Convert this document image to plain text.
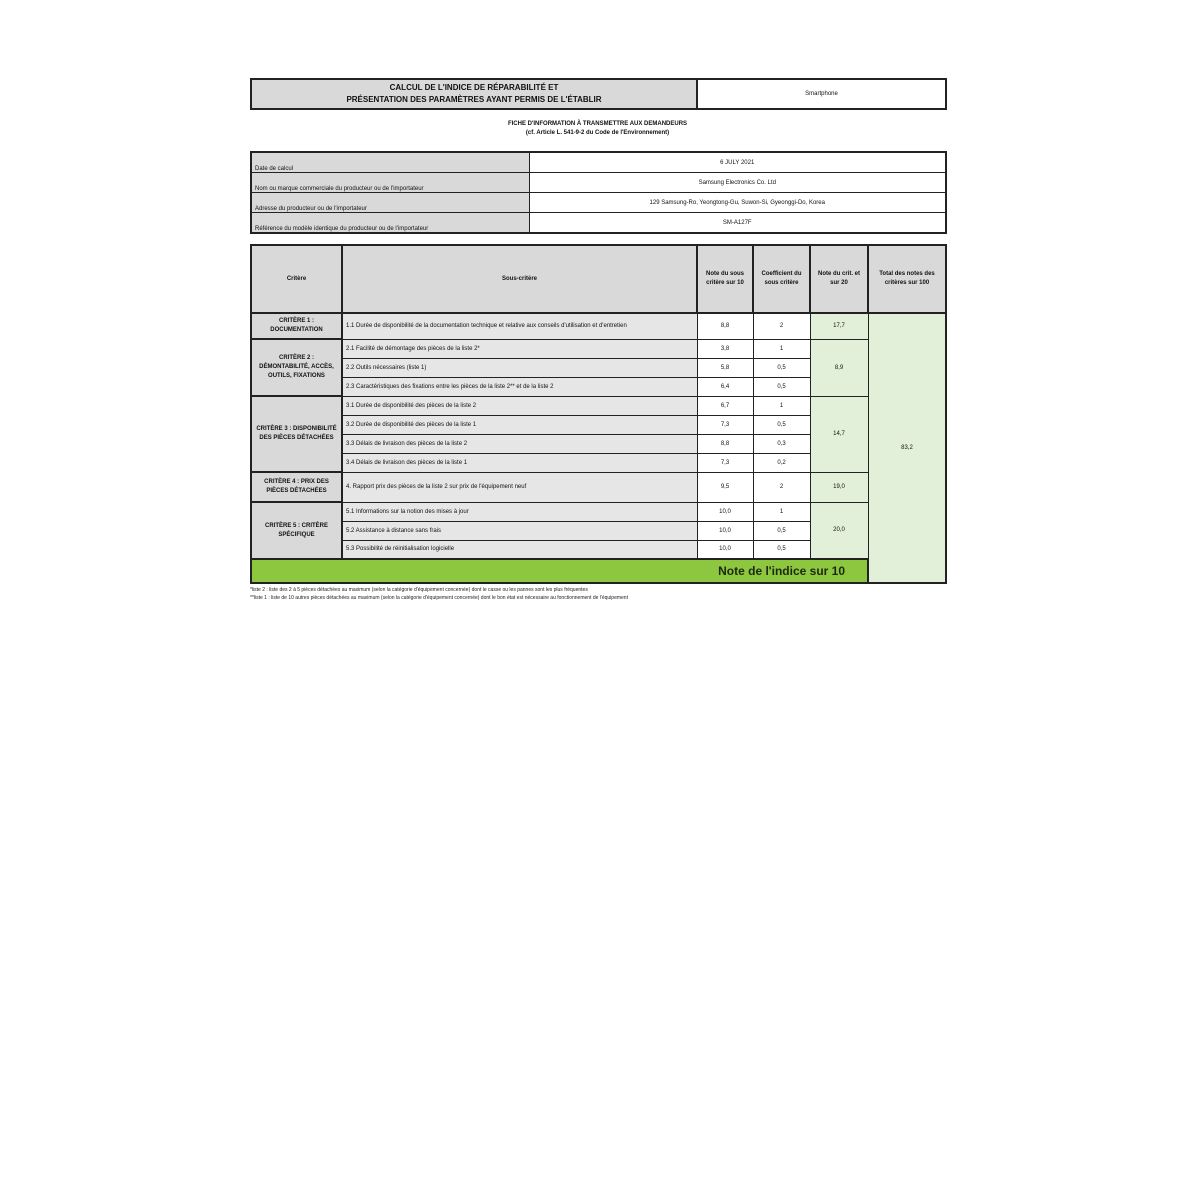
CALCUL DE L'INDICE DE RÉPARABILITÉ ET
PRÉSENTATION DES PARAMÈTRES AYANT PERMIS DE L'ÉTABLIR
	Smartphone
FICHE D'INFORMATION À TRANSMETTRE AUX DEMANDEURS
(cf. Article L. 541-9-2 du Code de l'Environnement)
Date de calcul	6 JULY 2021
Nom ou marque commerciale du producteur ou de l'importateur	Samsung Electronics Co. Ltd
Adresse du producteur ou de l'importateur	129 Samsung-Ro, Yeongtong-Gu, Suwon-Si, Gyeonggi-Do, Korea
Référence du modèle identique du producteur ou de l'importateur	SM-A127F
Critère	Sous-critère	Note du sous critère sur 10	Coefficient du sous critère	Note du crit. et sur 20	Total des notes des critères sur 100	
CRITÈRE 1 : DOCUMENTATION	1.1 Durée de disponibilité de la documentation technique et relative aux conseils d'utilisation et d'entretien	8,8	2	17,7	83,2	
CRITÈRE 2 : DÉMONTABILITÉ, ACCÈS, OUTILS, FIXATIONS	2.1 Facilité de démontage des pièces de la liste 2*	3,8	1	8,9		
	2.2 Outils nécessaires (liste 1)	5,8	0,5			
	2.3 Caractéristiques des fixations entre les pièces de la liste 2** et de la liste 2	6,4	0,5			
CRITÈRE 3 : DISPONIBILITÉ DES PIÈCES DÉTACHÉES	3.1 Durée de disponibilité des pièces de la liste 2	6,7	1	14,7		
	3.2 Durée de disponibilité des pièces de la liste 1	7,3	0,5			
	3.3 Délais de livraison des pièces de la liste 2	8,8	0,3			
	3.4 Délais de livraison des pièces de la liste 1	7,3	0,2			
CRITÈRE 4 : PRIX DES PIÈCES DÉTACHÉES	4. Rapport prix des pièces de la liste 2 sur prix de l'équipement neuf	9,5	2	19,0		
CRITÈRE 5 : CRITÈRE SPÉCIFIQUE	5.1 Informations sur la notion des mises à jour	10,0	1	20,0		
	5.2 Assistance à distance sans frais	10,0	0,5			
	5.3 Possibilité de réinitialisation logicielle	10,0	0,5			
Note de l'indice sur 10	
*liste 2 : liste des 2 à 5 pièces détachées au maximum (selon la catégorie d'équipement concernée) dont le casse ou les pannes sont les plus fréquentes
**liste 1 : liste de 10 autres pièces détachées au maximum (selon la catégorie d'équipement concernée) dont le bon état est nécessaire au fonctionnement de l'équipement
